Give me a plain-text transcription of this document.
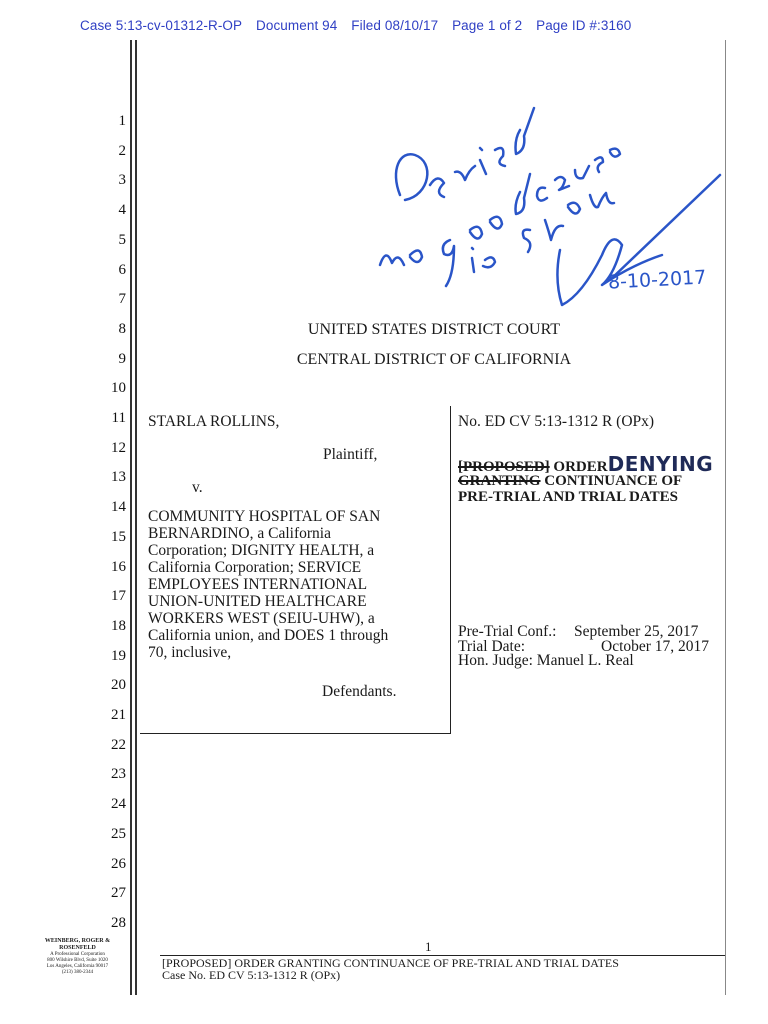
Case 5:13-cv-01312-R-OP Document 94 Filed 08/10/17 Page 1 of 2 Page ID #:3160
1
2
3
4
5
6
7
8
9
10
11
12
13
14
15
16
17
18
19
20
21
22
23
24
25
26
27
28
UNITED STATES DISTRICT COURT
CENTRAL DISTRICT OF CALIFORNIA
STARLA ROLLINS,
Plaintiff,
v.
COMMUNITY HOSPITAL OF SAN
BERNARDINO, a California
Corporation; DIGNITY HEALTH, a
California Corporation; SERVICE
EMPLOYEES INTERNATIONAL
UNION-UNITED HEALTHCARE
WORKERS WEST (SEIU-UHW), a
California union, and DOES 1 through
70, inclusive,
Defendants.
No. ED CV 5:13-1312 R (OPx)
[PROPOSED] ORDERDENYING
GRANTING CONTINUANCE OF
PRE-TRIAL AND TRIAL DATES
Pre-Trial Conf.: September 25, 2017
Trial Date:	October 17, 2017
Hon. Judge: Manuel L. Real
8-10-2017
1
[PROPOSED] ORDER GRANTING CONTINUANCE OF PRE-TRIAL AND TRIAL DATES
Case No. ED CV 5:13-1312 R (OPx)
WEINBERG, ROGER &
ROSENFELD
A Professional Corporation
800 Wilshire Blvd, Suite 1020
Los Angeles, California 90017
(213) 380-2344
